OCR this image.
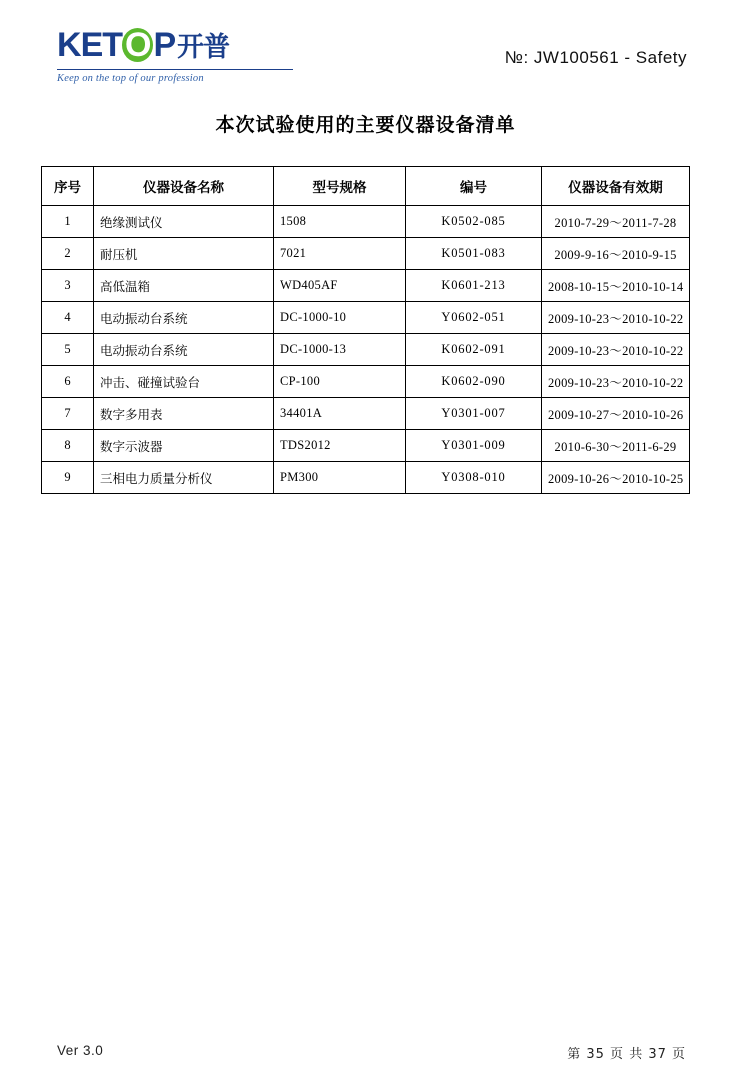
KETOP开普
Keep on the top of our profession
№: JW100561 - Safety
本次试验使用的主要仪器设备清单
序号	仪器设备名称	型号规格	编号	仪器设备有效期
1	绝缘测试仪	1508	K0502-085	2010-7-29～2011-7-28
2	耐压机	7021	K0501-083	2009-9-16～2010-9-15
3	高低温箱	WD405AF	K0601-213	2008-10-15～2010-10-14
4	电动振动台系统	DC-1000-10	Y0602-051	2009-10-23～2010-10-22
5	电动振动台系统	DC-1000-13	K0602-091	2009-10-23～2010-10-22
6	冲击、碰撞试验台	CP-100	K0602-090	2009-10-23～2010-10-22
7	数字多用表	34401A	Y0301-007	2009-10-27～2010-10-26
8	数字示波器	TDS2012	Y0301-009	2010-6-30～2011-6-29
9	三相电力质量分析仪	PM300	Y0308-010	2009-10-26～2010-10-25
Ver 3.0	第 35 页 共 37 页
